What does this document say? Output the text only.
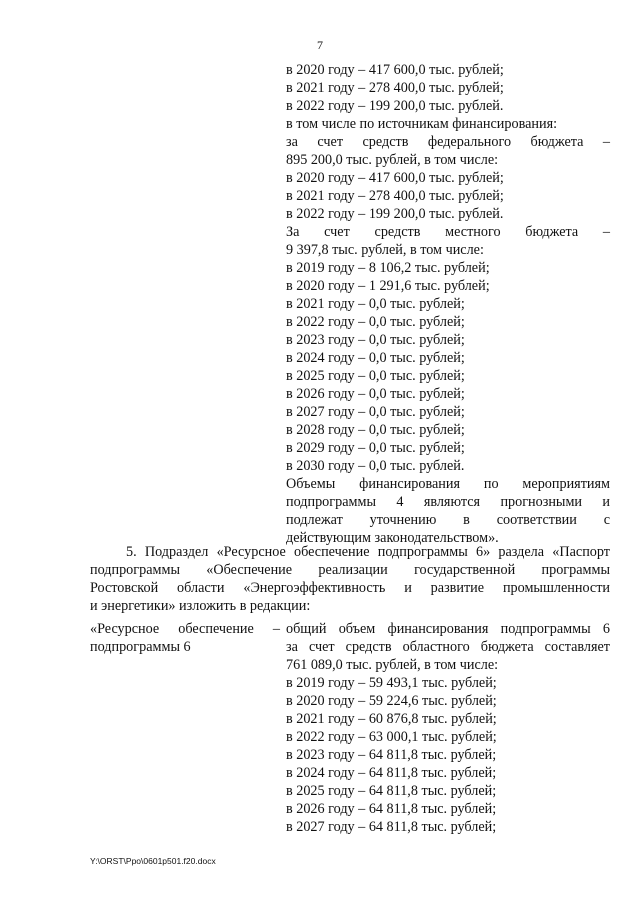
7
в 2020 году – 417 600,0 тыс. рублей;
в 2021 году – 278 400,0 тыс. рублей;
в 2022 году – 199 200,0 тыс. рублей.
в том числе по источникам финансирования:
за счет средств федерального бюджета –
895 200,0 тыс. рублей, в том числе:
в 2020 году – 417 600,0 тыс. рублей;
в 2021 году – 278 400,0 тыс. рублей;
в 2022 году – 199 200,0 тыс. рублей.
За счет средств местного бюджета –
9 397,8 тыс. рублей, в том числе:
в 2019 году – 8 106,2 тыс. рублей;
в 2020 году – 1 291,6 тыс. рублей;
в 2021 году – 0,0 тыс. рублей;
в 2022 году – 0,0 тыс. рублей;
в 2023 году – 0,0 тыс. рублей;
в 2024 году – 0,0 тыс. рублей;
в 2025 году – 0,0 тыс. рублей;
в 2026 году – 0,0 тыс. рублей;
в 2027 году – 0,0 тыс. рублей;
в 2028 году – 0,0 тыс. рублей;
в 2029 году – 0,0 тыс. рублей;
в 2030 году – 0,0 тыс. рублей.
Объемы финансирования по мероприятиям
подпрограммы 4 являются прогнозными и
подлежат уточнению в соответствии с
действующим законодательством».
5. Подраздел «Ресурсное обеспечение подпрограммы 6» раздела «Паспорт
подпрограммы «Обеспечение реализации государственной программы
Ростовской области «Энергоэффективность и развитие промышленности
и энергетики» изложить в редакции:
«Ресурсное обеспечение –
подпрограммы 6
общий объем финансирования подпрограммы 6
за счет средств областного бюджета составляет
761 089,0 тыс. рублей, в том числе:
в 2019 году – 59 493,1 тыс. рублей;
в 2020 году – 59 224,6 тыс. рублей;
в 2021 году – 60 876,8 тыс. рублей;
в 2022 году – 63 000,1 тыс. рублей;
в 2023 году – 64 811,8 тыс. рублей;
в 2024 году – 64 811,8 тыс. рублей;
в 2025 году – 64 811,8 тыс. рублей;
в 2026 году – 64 811,8 тыс. рублей;
в 2027 году – 64 811,8 тыс. рублей;
Y:\ORST\Ppo\0601p501.f20.docx
